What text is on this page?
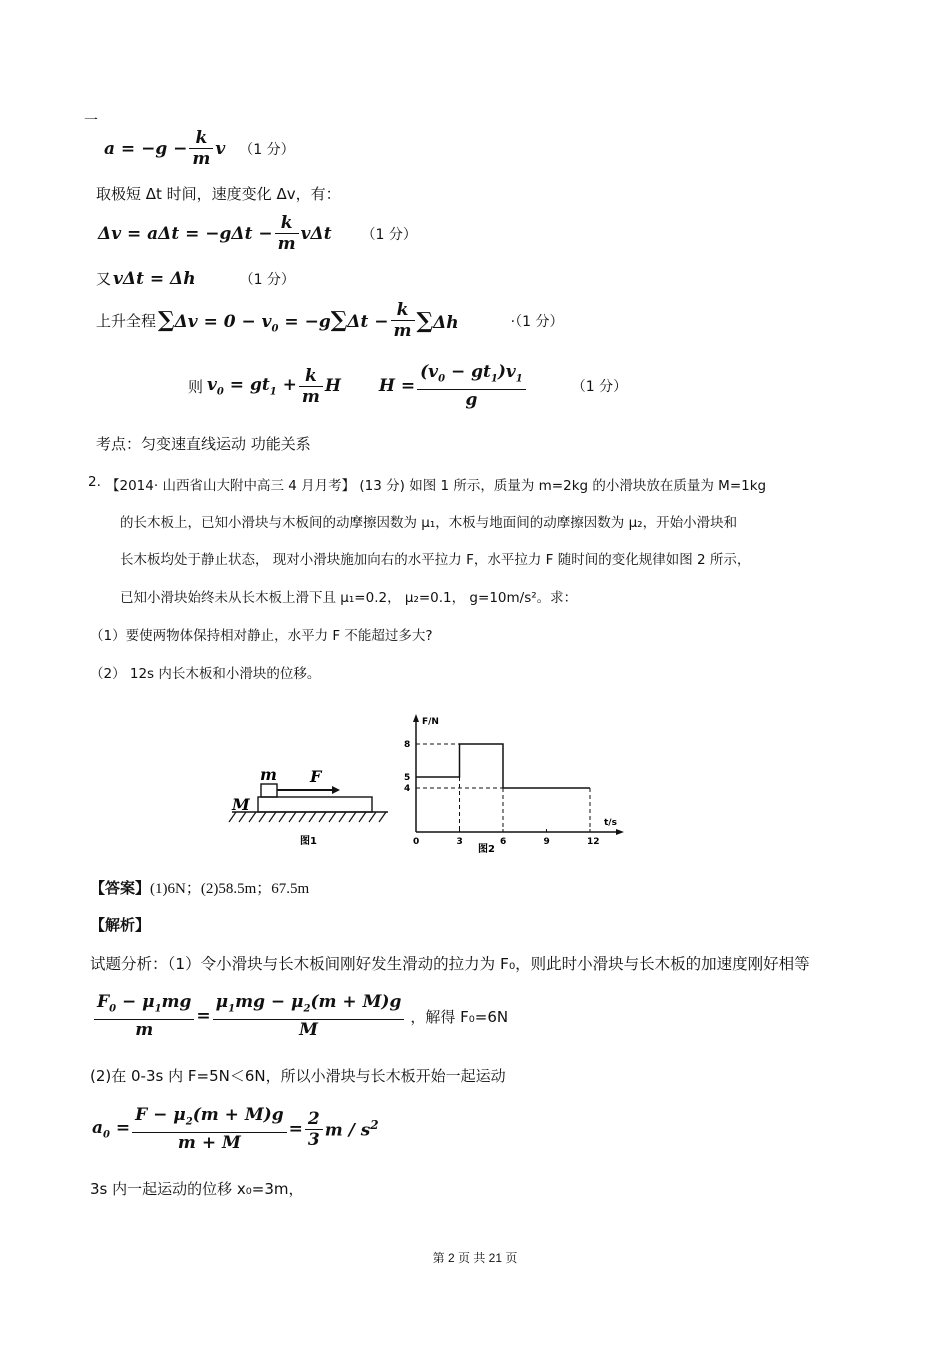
一
$a = -g - \frac{k}{m}$ v （1 分）
取极短 Δt 时间，速度变化 Δv，有：
$\Delta v = a\Delta t = -g\Delta t - \frac{k}{m}$ vΔt （1 分）
又 vΔt = Δh	（1 分）
上升全程 $\sum\Delta v = 0 - v_0 = -g\sum\Delta t - \frac{k}{m} \sum\Delta h$	·（1 分）
则 $v_0 = gt_1 + \frac{k}{m}$ H $H = \frac{(v_0 - gt_1)v_1}{g}$	（1 分）
考点：匀变速直线运动 功能关系
2. 【2014· 山西省山大附中高三 4 月月考】 (13 分) 如图 1 所示，质量为 m=2kg 的小滑块放在质量为 M=1kg
的长木板上，已知小滑块与木板间的动摩擦因数为 μ₁，木板与地面间的动摩擦因数为 μ₂，开始小滑块和
长木板均处于静止状态， 现对小滑块施加向右的水平拉力 F，水平拉力 F 随时间的变化规律如图 2 所示，
已知小滑块始终未从长木板上滑下且 μ₁=0.2， μ₂=0.1， g=10m/s²。求：
（1）要使两物体保持相对静止，水平力 F 不能超过多大?
（2） 12s 内长木板和小滑块的位移。
m F
M
图1
F/N
t/s
0	3	6	9	12
8
5
4
图2
【答案】 (1)6N；(2)58.5m；67.5m
【解析】
试题分析：（1）令小滑块与长木板间刚好发生滑动的拉力为 F₀，则此时小滑块与长木板的加速度刚好相等
$\frac{F_0 - \mu_1mg}{m} = \frac{\mu_1mg - \mu_2(m + M)g}{M}$ ，解得 F₀=6N
(2)在 0-3s 内 F=5N＜6N，所以小滑块与长木板开始一起运动
$a_0 = \frac{F - \mu_2(m + M)g}{m + M} = \frac{2}{3}$ m / $s^2$
3s 内一起运动的位移 x₀=3m，
第 2 页 共 21 页
